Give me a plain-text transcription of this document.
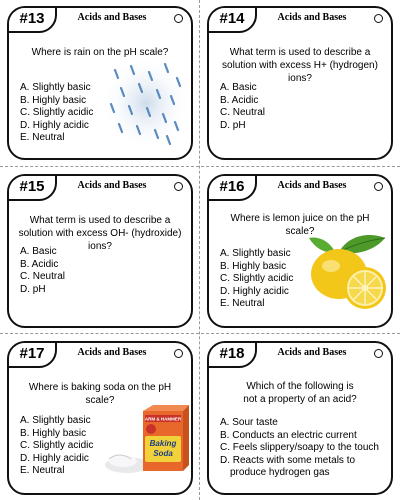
#13	Acids and Bases
Where is rain on the pH scale?
A. Slightly basic
B. Highly basic
C. Slightly acidic
D. Highly acidic
E. Neutral
#14	Acids and Bases
What term is used to describe a solution with excess H+ (hydrogen) ions?
A. Basic
B. Acidic
C. Neutral
D. pH
#15	Acids and Bases
What term is used to describe a solution with excess OH- (hydroxide) ions?
A. Basic
B. Acidic
C. Neutral
D. pH
#16	Acids and Bases
Where is lemon juice on the pH scale?
A. Slightly basic
B. Highly basic
C. Slightly acidic
D. Highly acidic
E. Neutral
#17	Acids and Bases
Where is baking soda on the pH scale?
A. Slightly basic
B. Highly basic
C. Slightly acidic
D. Highly acidic
E. Neutral
ARM & HAMMER
Baking
Soda
#18	Acids and Bases
Which of the following is not a property of an acid?
A. Sour taste
B. Conducts an electric current
C. Feels slippery/soapy to the touch
D. Reacts with some metals to produce hydrogen gas
